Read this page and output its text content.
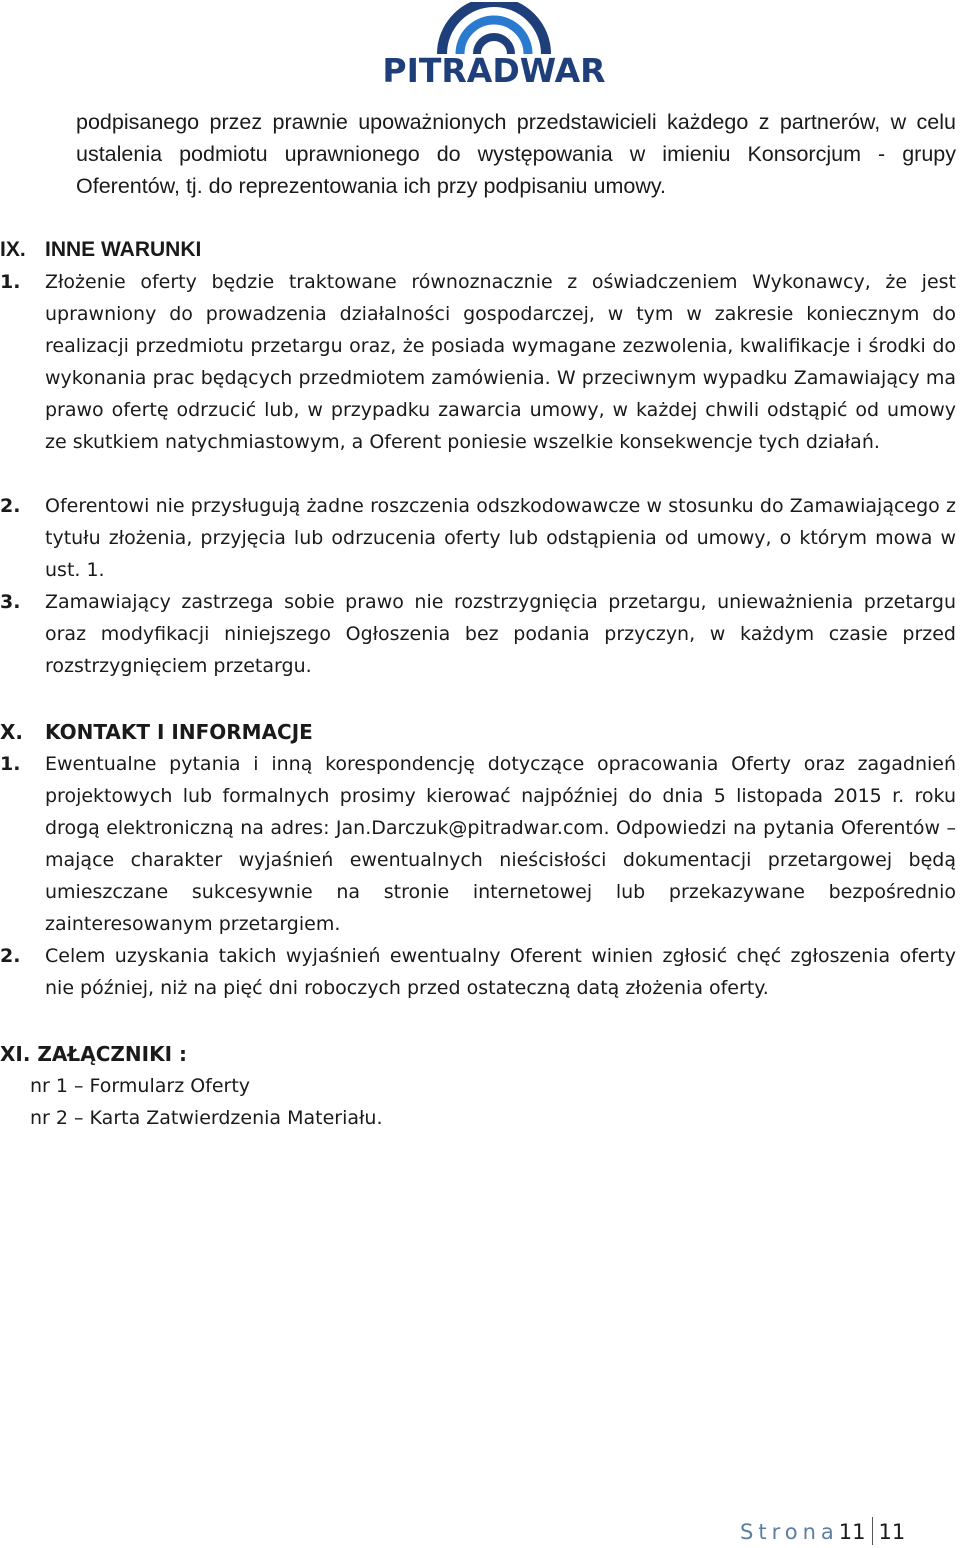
PITRADWAR
podpisanego przez prawnie upoważnionych przedstawicieli każdego z partnerów, w celu ustalenia podmiotu uprawnionego do występowania w imieniu Konsorcjum - grupy Oferentów, tj. do reprezentowania ich przy podpisaniu umowy.
IX. INNE WARUNKI
1.	Złożenie oferty będzie traktowane równoznacznie z oświadczeniem Wykonawcy, że jest uprawniony do prowadzenia działalności gospodarczej, w tym w zakresie koniecznym do realizacji przedmiotu przetargu oraz, że posiada wymagane zezwolenia, kwalifikacje i środki do wykonania prac będących przedmiotem zamówienia. W przeciwnym wypadku Zamawiający ma prawo ofertę odrzucić lub, w przypadku zawarcia umowy, w każdej chwili odstąpić od umowy ze skutkiem natychmiastowym, a Oferent poniesie wszelkie konsekwencje tych działań.
2.	Oferentowi nie przysługują żadne roszczenia odszkodowawcze w stosunku do Zamawiającego z tytułu złożenia, przyjęcia lub odrzucenia oferty lub odstąpienia od umowy, o którym mowa w ust. 1.
3.	Zamawiający zastrzega sobie prawo nie rozstrzygnięcia przetargu, unieważnienia przetargu oraz modyfikacji niniejszego Ogłoszenia bez podania przyczyn, w każdym czasie przed rozstrzygnięciem przetargu.
X. KONTAKT I INFORMACJE
1.	Ewentualne pytania i inną korespondencję dotyczące opracowania Oferty oraz zagadnień projektowych lub formalnych prosimy kierować najpóźniej do dnia 5 listopada 2015 r. roku drogą elektroniczną na adres: Jan.Darczuk@pitradwar.com. Odpowiedzi na pytania Oferentów – mające charakter wyjaśnień ewentualnych nieścisłości dokumentacji przetargowej będą umieszczane sukcesywnie na stronie internetowej lub przekazywane bezpośrednio zainteresowanym przetargiem.
2.	Celem uzyskania takich wyjaśnień ewentualny Oferent winien zgłosić chęć zgłoszenia oferty nie później, niż na pięć dni roboczych przed ostateczną datą złożenia oferty.
XI. ZAŁĄCZNIKI :
nr 1 – Formularz Oferty
nr 2 – Karta Zatwierdzenia Materiału.
Strona11 11
